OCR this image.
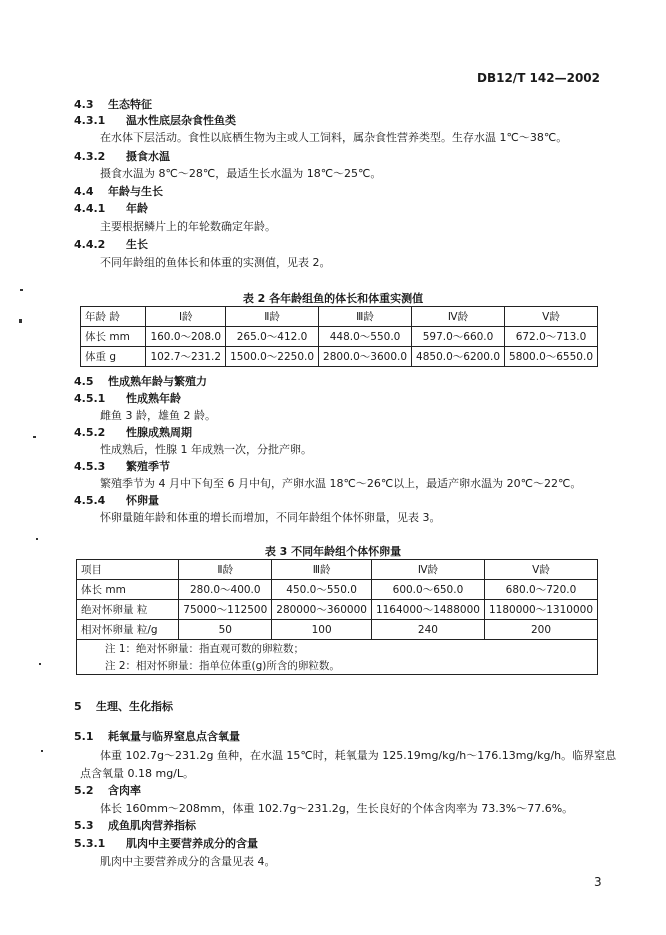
DB12/T 142—2002
4.3 生态特征
4.3.1 温水性底层杂食性鱼类
在水体下层活动。食性以底栖生物为主或人工饲料，属杂食性营养类型。生存水温 1℃～38℃。
4.3.2 摄食水温
摄食水温为 8℃～28℃，最适生长水温为 18℃～25℃。
4.4 年龄与生长
4.4.1 年龄
主要根据鳞片上的年轮数确定年龄。
4.4.2 生长
不同年龄组的鱼体长和体重的实测值，见表 2。
表 2 各年龄组鱼的体长和体重实测值
年龄 龄	Ⅰ龄	Ⅱ龄	Ⅲ龄	Ⅳ龄	Ⅴ龄
体长 mm	160.0～208.0	265.0～412.0	448.0～550.0	597.0～660.0	672.0～713.0
体重 g	102.7～231.2	1500.0～2250.0	2800.0～3600.0	4850.0～6200.0	5800.0～6550.0
4.5 性成熟年龄与繁殖力
4.5.1 性成熟年龄
雌鱼 3 龄，雄鱼 2 龄。
4.5.2 性腺成熟周期
性成熟后，性腺 1 年成熟一次，分批产卵。
4.5.3 繁殖季节
繁殖季节为 4 月中下旬至 6 月中旬，产卵水温 18℃～26℃以上，最适产卵水温为 20℃～22℃。
4.5.4 怀卵量
怀卵量随年龄和体重的增长而增加，不同年龄组个体怀卵量，见表 3。
表 3 不同年龄组个体怀卵量
项目	Ⅱ龄	Ⅲ龄	Ⅳ龄	Ⅴ龄
体长 mm	280.0～400.0	450.0～550.0	600.0～650.0	680.0～720.0
绝对怀卵量 粒	75000～112500	280000～360000	1164000～1488000	1180000～1310000
相对怀卵量 粒/g	50	100	240	200
注 1：绝对怀卵量：指直观可数的卵粒数；				
注 2：相对怀卵量：指单位体重(g)所含的卵粒数。				
5 生理、生化指标
5.1 耗氧量与临界窒息点含氧量
体重 102.7g～231.2g 鱼种，在水温 15℃时，耗氧量为 125.19mg/kg/h～176.13mg/kg/h。临界窒息
点含氧量 0.18 mg/L。
5.2 含肉率
体长 160mm～208mm，体重 102.7g～231.2g，生长良好的个体含肉率为 73.3%～77.6%。
5.3 成鱼肌肉营养指标
5.3.1 肌肉中主要营养成分的含量
肌肉中主要营养成分的含量见表 4。
3
